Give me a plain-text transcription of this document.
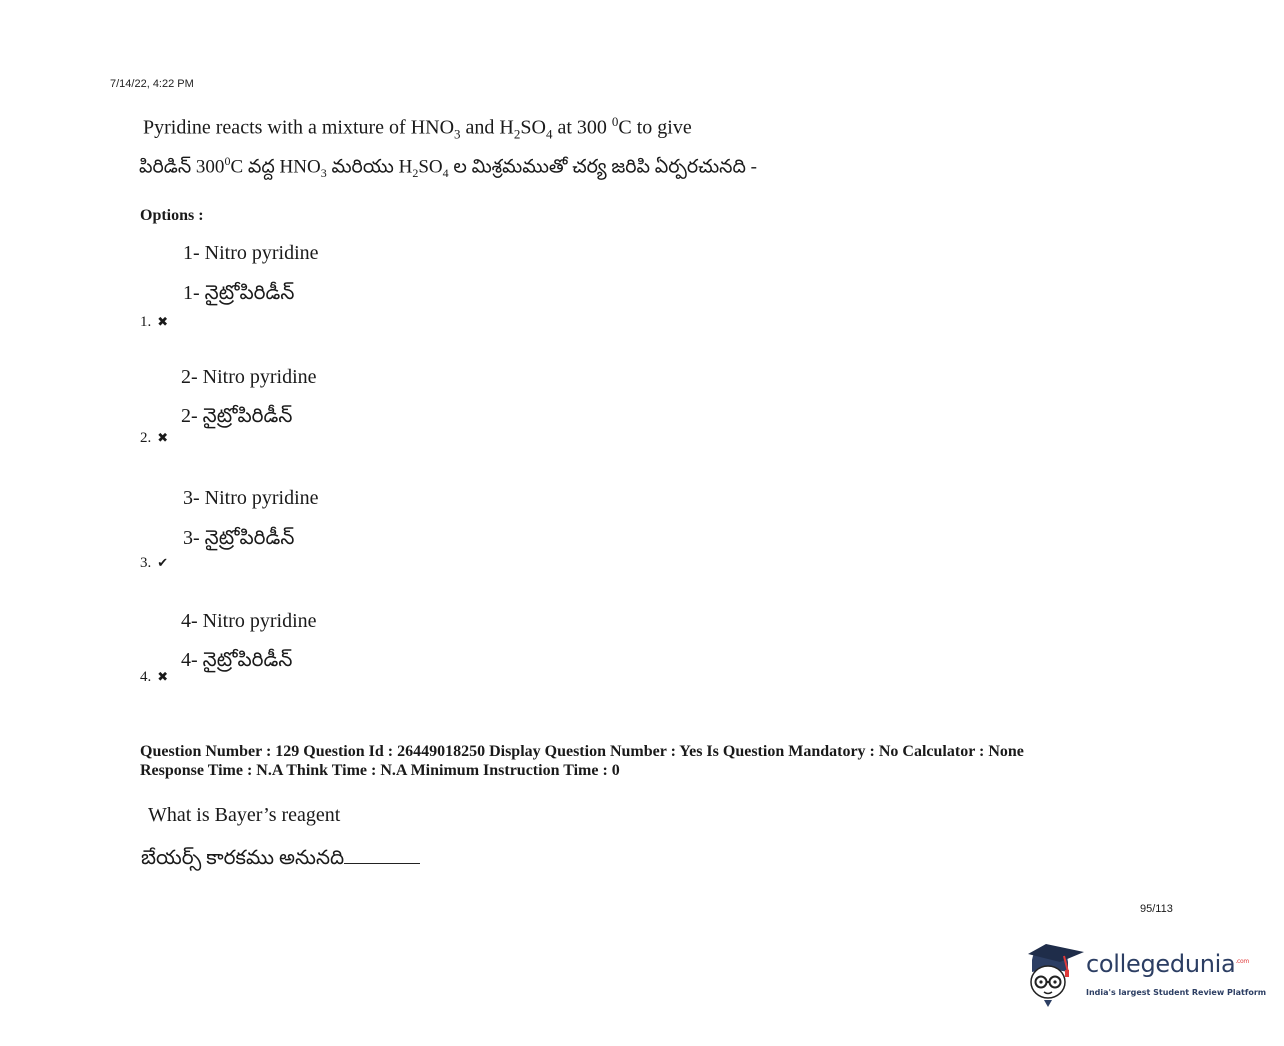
7/14/22, 4:22 PM
Pyridine reacts with a mixture of $HNO_3$ and $H_2SO_4$ at 300 $^0$C to give
పిరిడిన్ $300^0C$ వద్ద $HNO_3$ మరియు $H_2SO_4$ ల మిశ్రమముతో చర్య జరిపి ఏర్పరచునది -
Options :
1- Nitro pyridine
1- నైట్రోపిరిడీన్
1. ✖
2- Nitro pyridine
2- నైట్రోపిరిడీన్
2. ✖
3- Nitro pyridine
3- నైట్రోపిరిడీన్
3. ✔
4- Nitro pyridine
4- నైట్రోపిరిడీన్
4. ✖
Question Number : 129 Question Id : 26449018250 Display Question Number : Yes Is Question Mandatory : No Calculator : None
Response Time : N.A Think Time : N.A Minimum Instruction Time : 0
What is Bayer’s reagent
బేయర్స్ కారకము అనునది
95/113
collegedunia$^{.com}$
India's largest Student Review Platform
